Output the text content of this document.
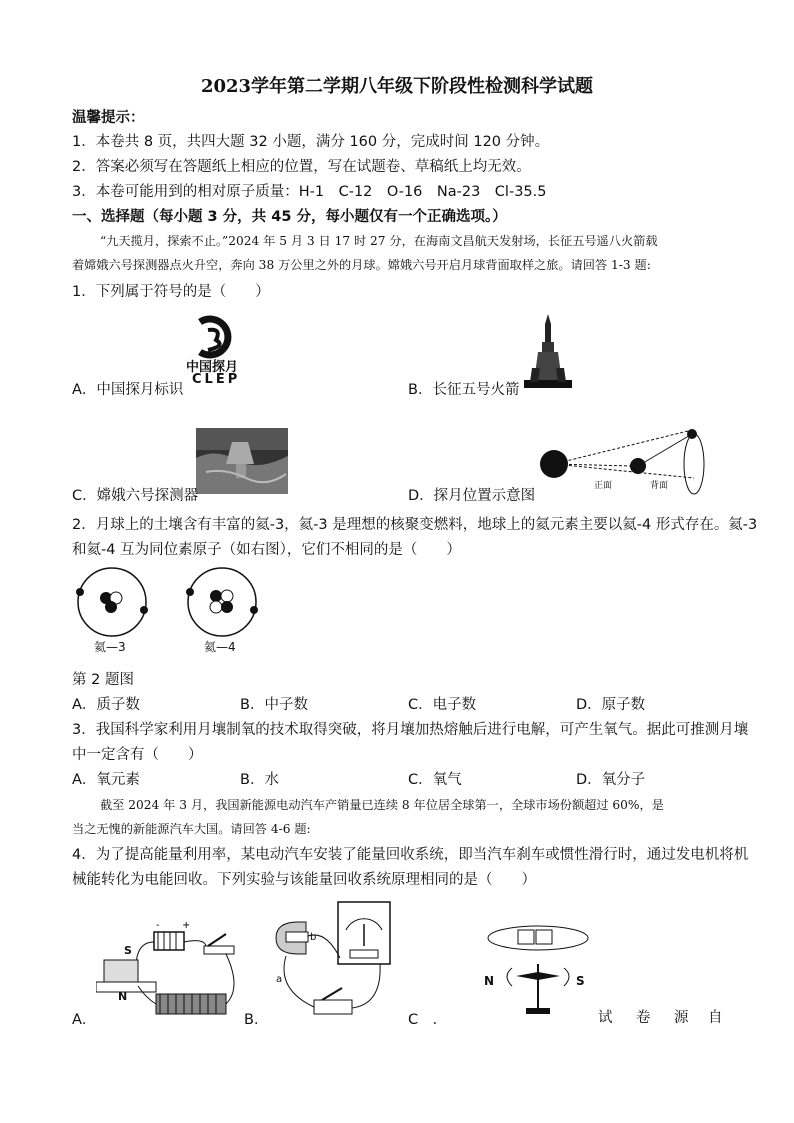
2023学年第二学期八年级下阶段性检测科学试题
温馨提示：
1．本卷共 8 页，共四大题 32 小题，满分 160 分，完成时间 120 分钟。
2．答案必须写在答题纸上相应的位置，写在试题卷、草稿纸上均无效。
3．本卷可能用到的相对原子质量：H-1　C-12　O-16　Na-23　Cl-35.5
一、选择题（每小题 3 分，共 45 分，每小题仅有一个正确选项。）
“九天揽月，探索不止。”2024 年 5 月 3 日 17 时 27 分，在海南文昌航天发射场，长征五号遥八火箭载
着嫦娥六号探测器点火升空，奔向 38 万公里之外的月球。嫦娥六号开启月球背面取样之旅。请回答 1-3 题:
1．下列属于符号的是（　　）
中国探月
CLEP
A．中国探月标识	B．长征五号火箭
C．嫦娥六号探测器
正面	背面
D．探月位置示意图
2．月球上的土壤含有丰富的氦-3，氦-3 是理想的核聚变燃料，地球上的氦元素主要以氦-4 形式存在。氦-3
和氦-4 互为同位素原子（如右图），它们不相同的是（　　）
氦—3	氦—4
第 2 题图
A．质子数	B．中子数	C．电子数	D．原子数
3．我国科学家利用月壤制氧的技术取得突破，将月壤加热熔触后进行电解，可产生氧气。据此可推测月壤
中一定含有（　　）
A．氧元素	B．水	C．氧气	D．氧分子
截至 2024 年 3 月，我国新能源电动汽车产销量已连续 8 年位居全球第一，全球市场份额超过 60%，是
当之无愧的新能源汽车大国。请回答 4-6 题:
4．为了提高能量利用率，某电动汽车安装了能量回收系统，即当汽车刹车或惯性滑行时，通过发电机将机
械能转化为电能回收。下列实验与该能量回收系统原理相同的是（　　）
- +
S
N
A．
b
a
B．
N	S
C　．	试 卷 源 自
